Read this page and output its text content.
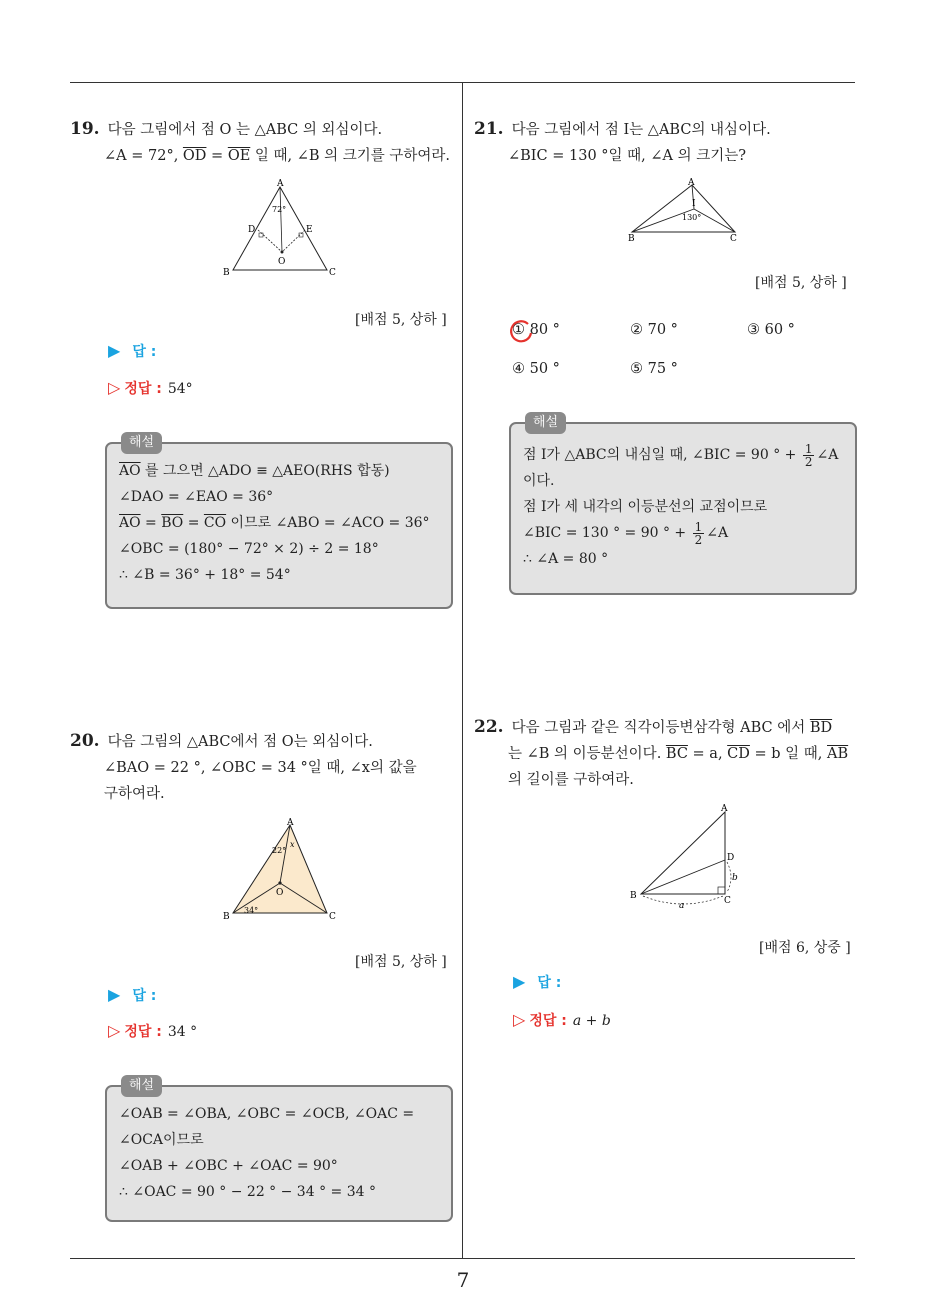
7
19. 다음 그림에서 점 O 는 △ABC 의 외심이다.
∠A = 72°, $\overline{OD} = \overline{OE}$ 일 때, ∠B 의 크기를 구하여라.
A
B	C
D	E
O
72°
[배점 5, 상하 ]
▶ 답 :
▷ 정답 : 54°
해설
$\overline{AO}$ 를 그으면 △ADO ≡ △AEO(RHS 합동)
∠DAO = ∠EAO = 36°
$\overline{AO} = \overline{BO} = \overline{CO}$ 이므로 ∠ABO = ∠ACO = 36°
∠OBC = (180° − 72° × 2) ÷ 2 = 18°
∴ ∠B = 36° + 18° = 54°
20. 다음 그림의 △ABC에서 점 O는 외심이다.
∠BAO = 22 °, ∠OBC = 34 °일 때, ∠x의 값을
구하여라.
A
B	C
O
22°
x
34°
[배점 5, 상하 ]
▶ 답 :
▷ 정답 : 34 °
해설
∠OAB = ∠OBA, ∠OBC = ∠OCB, ∠OAC =
∠OCA이므로
∠OAB + ∠OBC + ∠OAC = 90°
∴ ∠OAC = 90 ° − 22 ° − 34 ° = 34 °
21. 다음 그림에서 점 I는 △ABC의 내심이다.
∠BIC = 130 °일 때, ∠A 의 크기는?
A
B	C
I
130°
[배점 5, 상하 ]
① 80 °	② 70 °	③ 60 °
④ 50 °	⑤ 75 °
해설
점 I가 △ABC의 내심일 때, ∠BIC = 90 ° + $\frac{1}{2}$ ∠A
이다.
점 I가 세 내각의 이등분선의 교점이므로
∠BIC = 130 ° = 90 ° + $\frac{1}{2}$ ∠A
∴ ∠A = 80 °
22. 다음 그림과 같은 직각이등변삼각형 ABC 에서 $\overline{BD}$
는 ∠B 의 이등분선이다. $\overline{BC} = a$, $\overline{CD} = b$ 일 때, $\overline{AB}$
의 길이를 구하여라.
A
B	C
D
a
b
[배점 6, 상중 ]
▶ 답 :
▷ 정답 : a + b
